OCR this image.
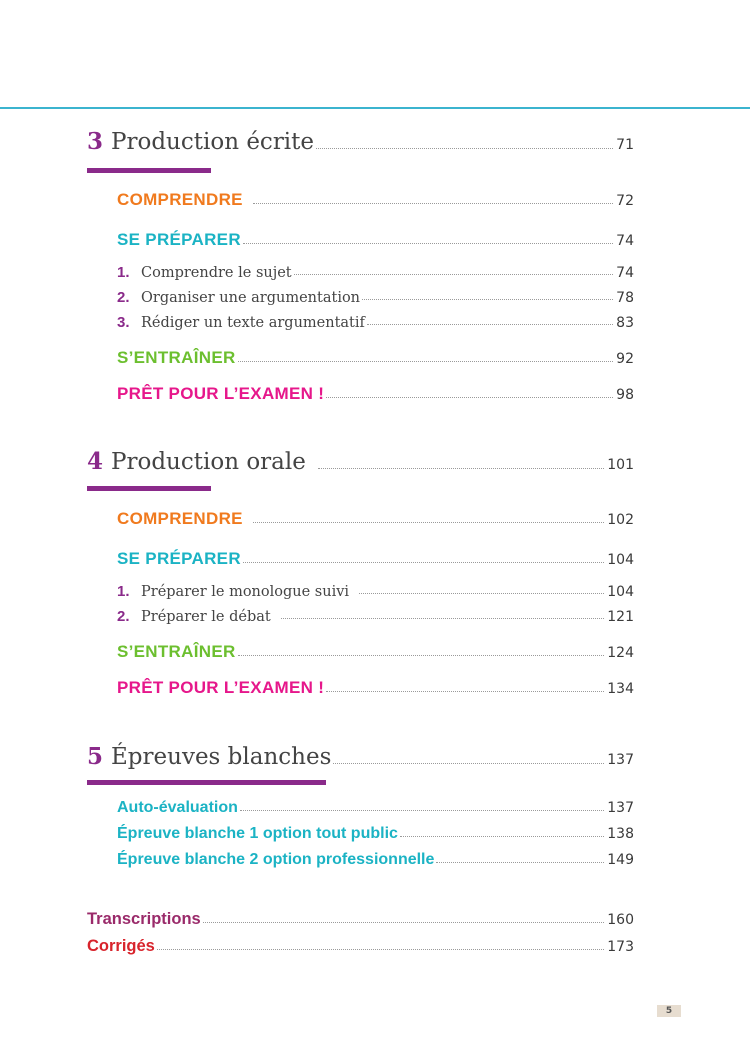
3 Production écrite	71
COMPRENDRE	72
SE PRÉPARER	74
1. Comprendre le sujet	74
2. Organiser une argumentation	78
3. Rédiger un texte argumentatif	83
S’ENTRAÎNER	92
PRÊT POUR L’EXAMEN !	98
4 Production orale	101
COMPRENDRE	102
SE PRÉPARER	104
1. Préparer le monologue suivi	104
2. Préparer le débat	121
S’ENTRAÎNER	124
PRÊT POUR L’EXAMEN !	134
5 Épreuves blanches	137
Auto-évaluation	137
Épreuve blanche 1 option tout public	138
Épreuve blanche 2 option professionnelle	149
Transcriptions	160
Corrigés	173
5
